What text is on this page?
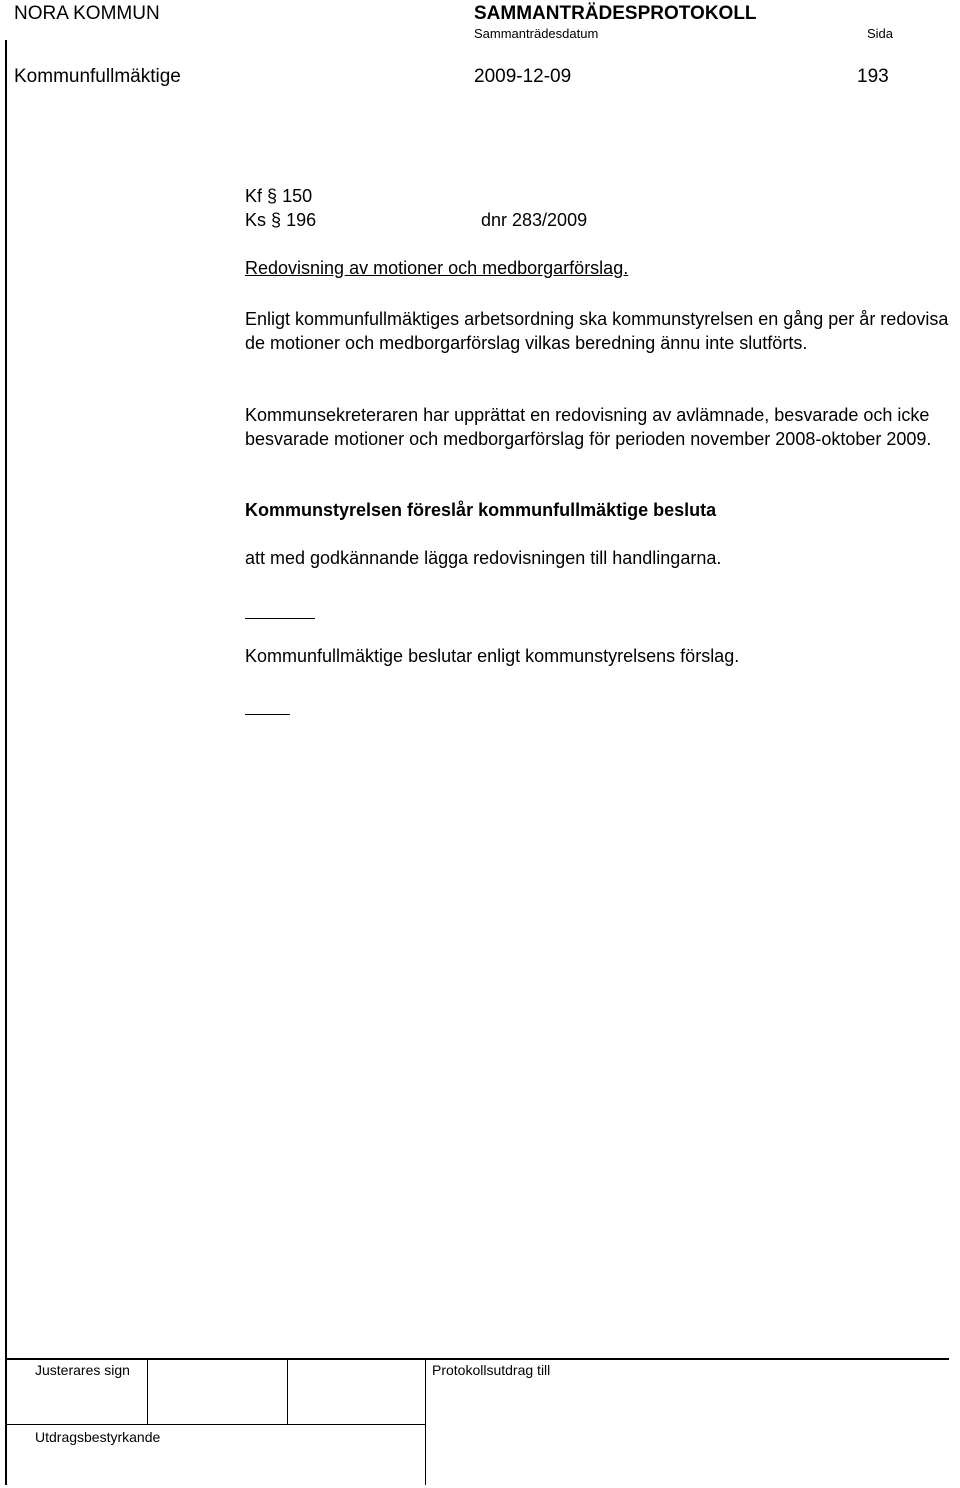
NORA KOMMUN	SAMMANTRÄDESPROTOKOLL
Sammanträdesdatum	Sida
Kommunfullmäktige	2009-12-09	193
Kf § 150
Ks § 196	dnr 283/2009
Redovisning av motioner och medborgarförslag.
Enligt kommunfullmäktiges arbetsordning ska kommunstyrelsen en gång per år redovisa de motioner och medborgarförslag vilkas beredning ännu inte slutförts.
Kommunsekreteraren har upprättat en redovisning av avlämnade, besvarade och icke besvarade motioner och medborgarförslag för perioden november 2008-oktober 2009.
Kommunstyrelsen föreslår kommunfullmäktige besluta
att med godkännande lägga redovisningen till handlingarna.
Kommunfullmäktige beslutar enligt kommunstyrelsens förslag.
Justerares sign	Protokollsutdrag till
Utdragsbestyrkande
